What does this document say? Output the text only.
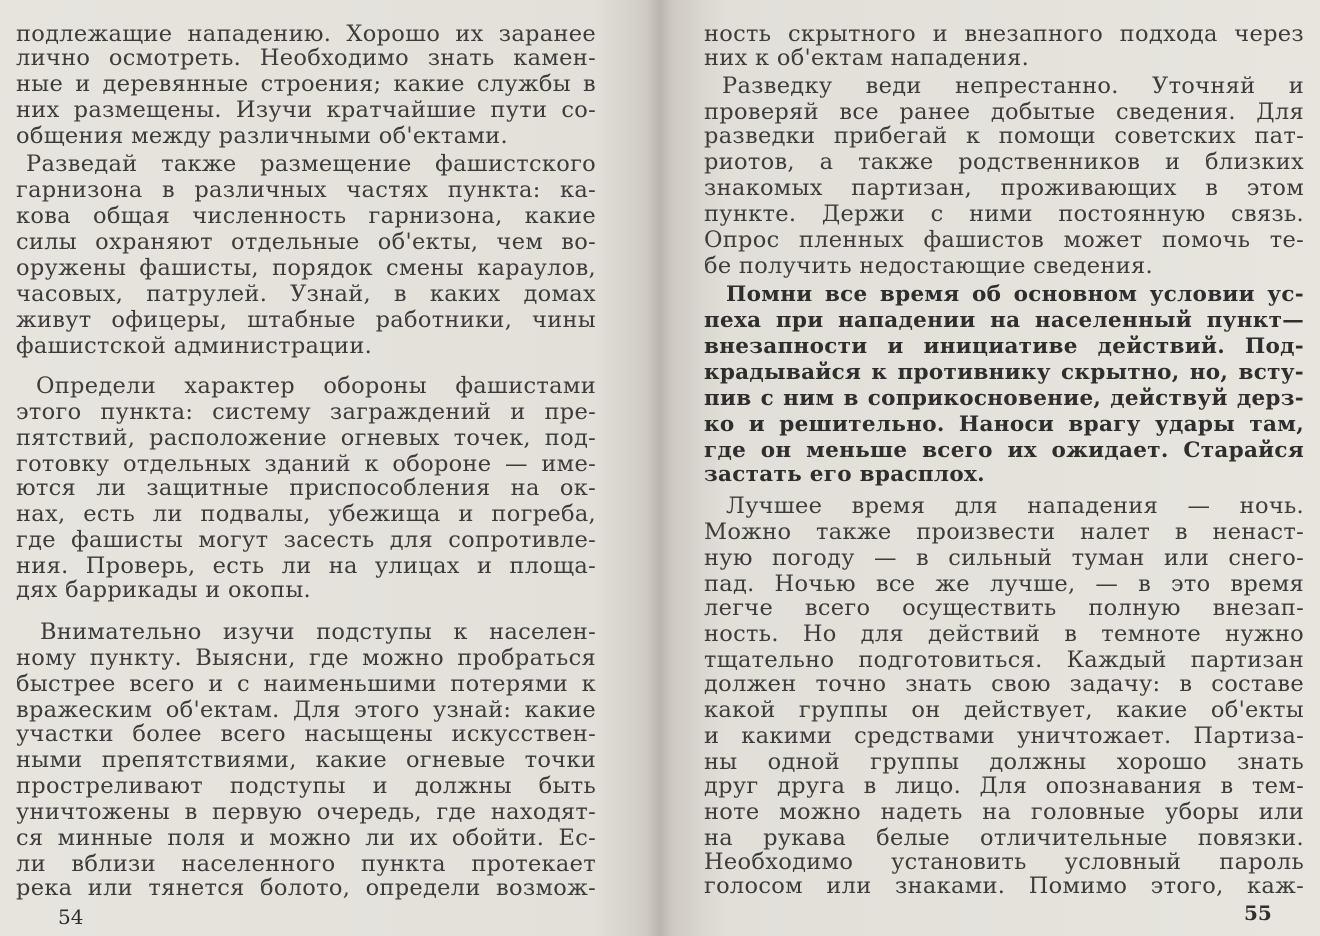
подлежащие нападению. Хорошо их заранее
лично осмотреть. Необходимо знать камен-
ные и деревянные строения; какие службы в
них размещены. Изучи кратчайшие пути со-
общения между различными об'ектами.
Разведай также размещение фашистского
гарнизона в различных частях пункта: ка-
кова общая численность гарнизона, какие
силы охраняют отдельные об'екты, чем во-
оружены фашисты, порядок смены караулов,
часовых, патрулей. Узнай, в каких домах
живут офицеры, штабные работники, чины
фашистской администрации.
Определи характер обороны фашистами
этого пункта: систему заграждений и пре-
пятствий, расположение огневых точек, под-
готовку отдельных зданий к обороне — име-
ются ли защитные приспособления на ок-
нах, есть ли подвалы, убежища и погреба,
где фашисты могут засесть для сопротивле-
ния. Проверь, есть ли на улицах и площа-
дях баррикады и окопы.
Внимательно изучи подступы к населен-
ному пункту. Выясни, где можно пробраться
быстрее всего и с наименьшими потерями к
вражеским об'ектам. Для этого узнай: какие
участки более всего насыщены искусствен-
ными препятствиями, какие огневые точки
простреливают подступы и должны быть
уничтожены в первую очередь, где находят-
ся минные поля и можно ли их обойти. Ес-
ли вблизи населенного пункта протекает
река или тянется болото, определи возмож-
54
ность скрытного и внезапного подхода через
них к об'ектам нападения.
Разведку веди непрестанно. Уточняй и
проверяй все ранее добытые сведения. Для
разведки прибегай к помощи советских пат-
риотов, а также родственников и близких
знакомых партизан, проживающих в этом
пункте. Держи с ними постоянную связь.
Опрос пленных фашистов может помочь те-
бе получить недостающие сведения.
Помни все время об основном условии ус-
пеха при нападении на населенный пункт—
внезапности и инициативе действий. Под-
крадывайся к противнику скрытно, но, всту-
пив с ним в соприкосновение, действуй дерз-
ко и решительно. Наноси врагу удары там,
где он меньше всего их ожидает. Старайся
застать его врасплох.
Лучшее время для нападения — ночь.
Можно также произвести налет в ненаст-
ную погоду — в сильный туман или снего-
пад. Ночью все же лучше, — в это время
легче всего осуществить полную внезап-
ность. Но для действий в темноте нужно
тщательно подготовиться. Каждый партизан
должен точно знать свою задачу: в составе
какой группы он действует, какие об'екты
и какими средствами уничтожает. Партиза-
ны одной группы должны хорошо знать
друг друга в лицо. Для опознавания в тем-
ноте можно надеть на головные уборы или
на рукава белые отличительные повязки.
Необходимо установить условный пароль
голосом или знаками. Помимо этого, каж-
55
